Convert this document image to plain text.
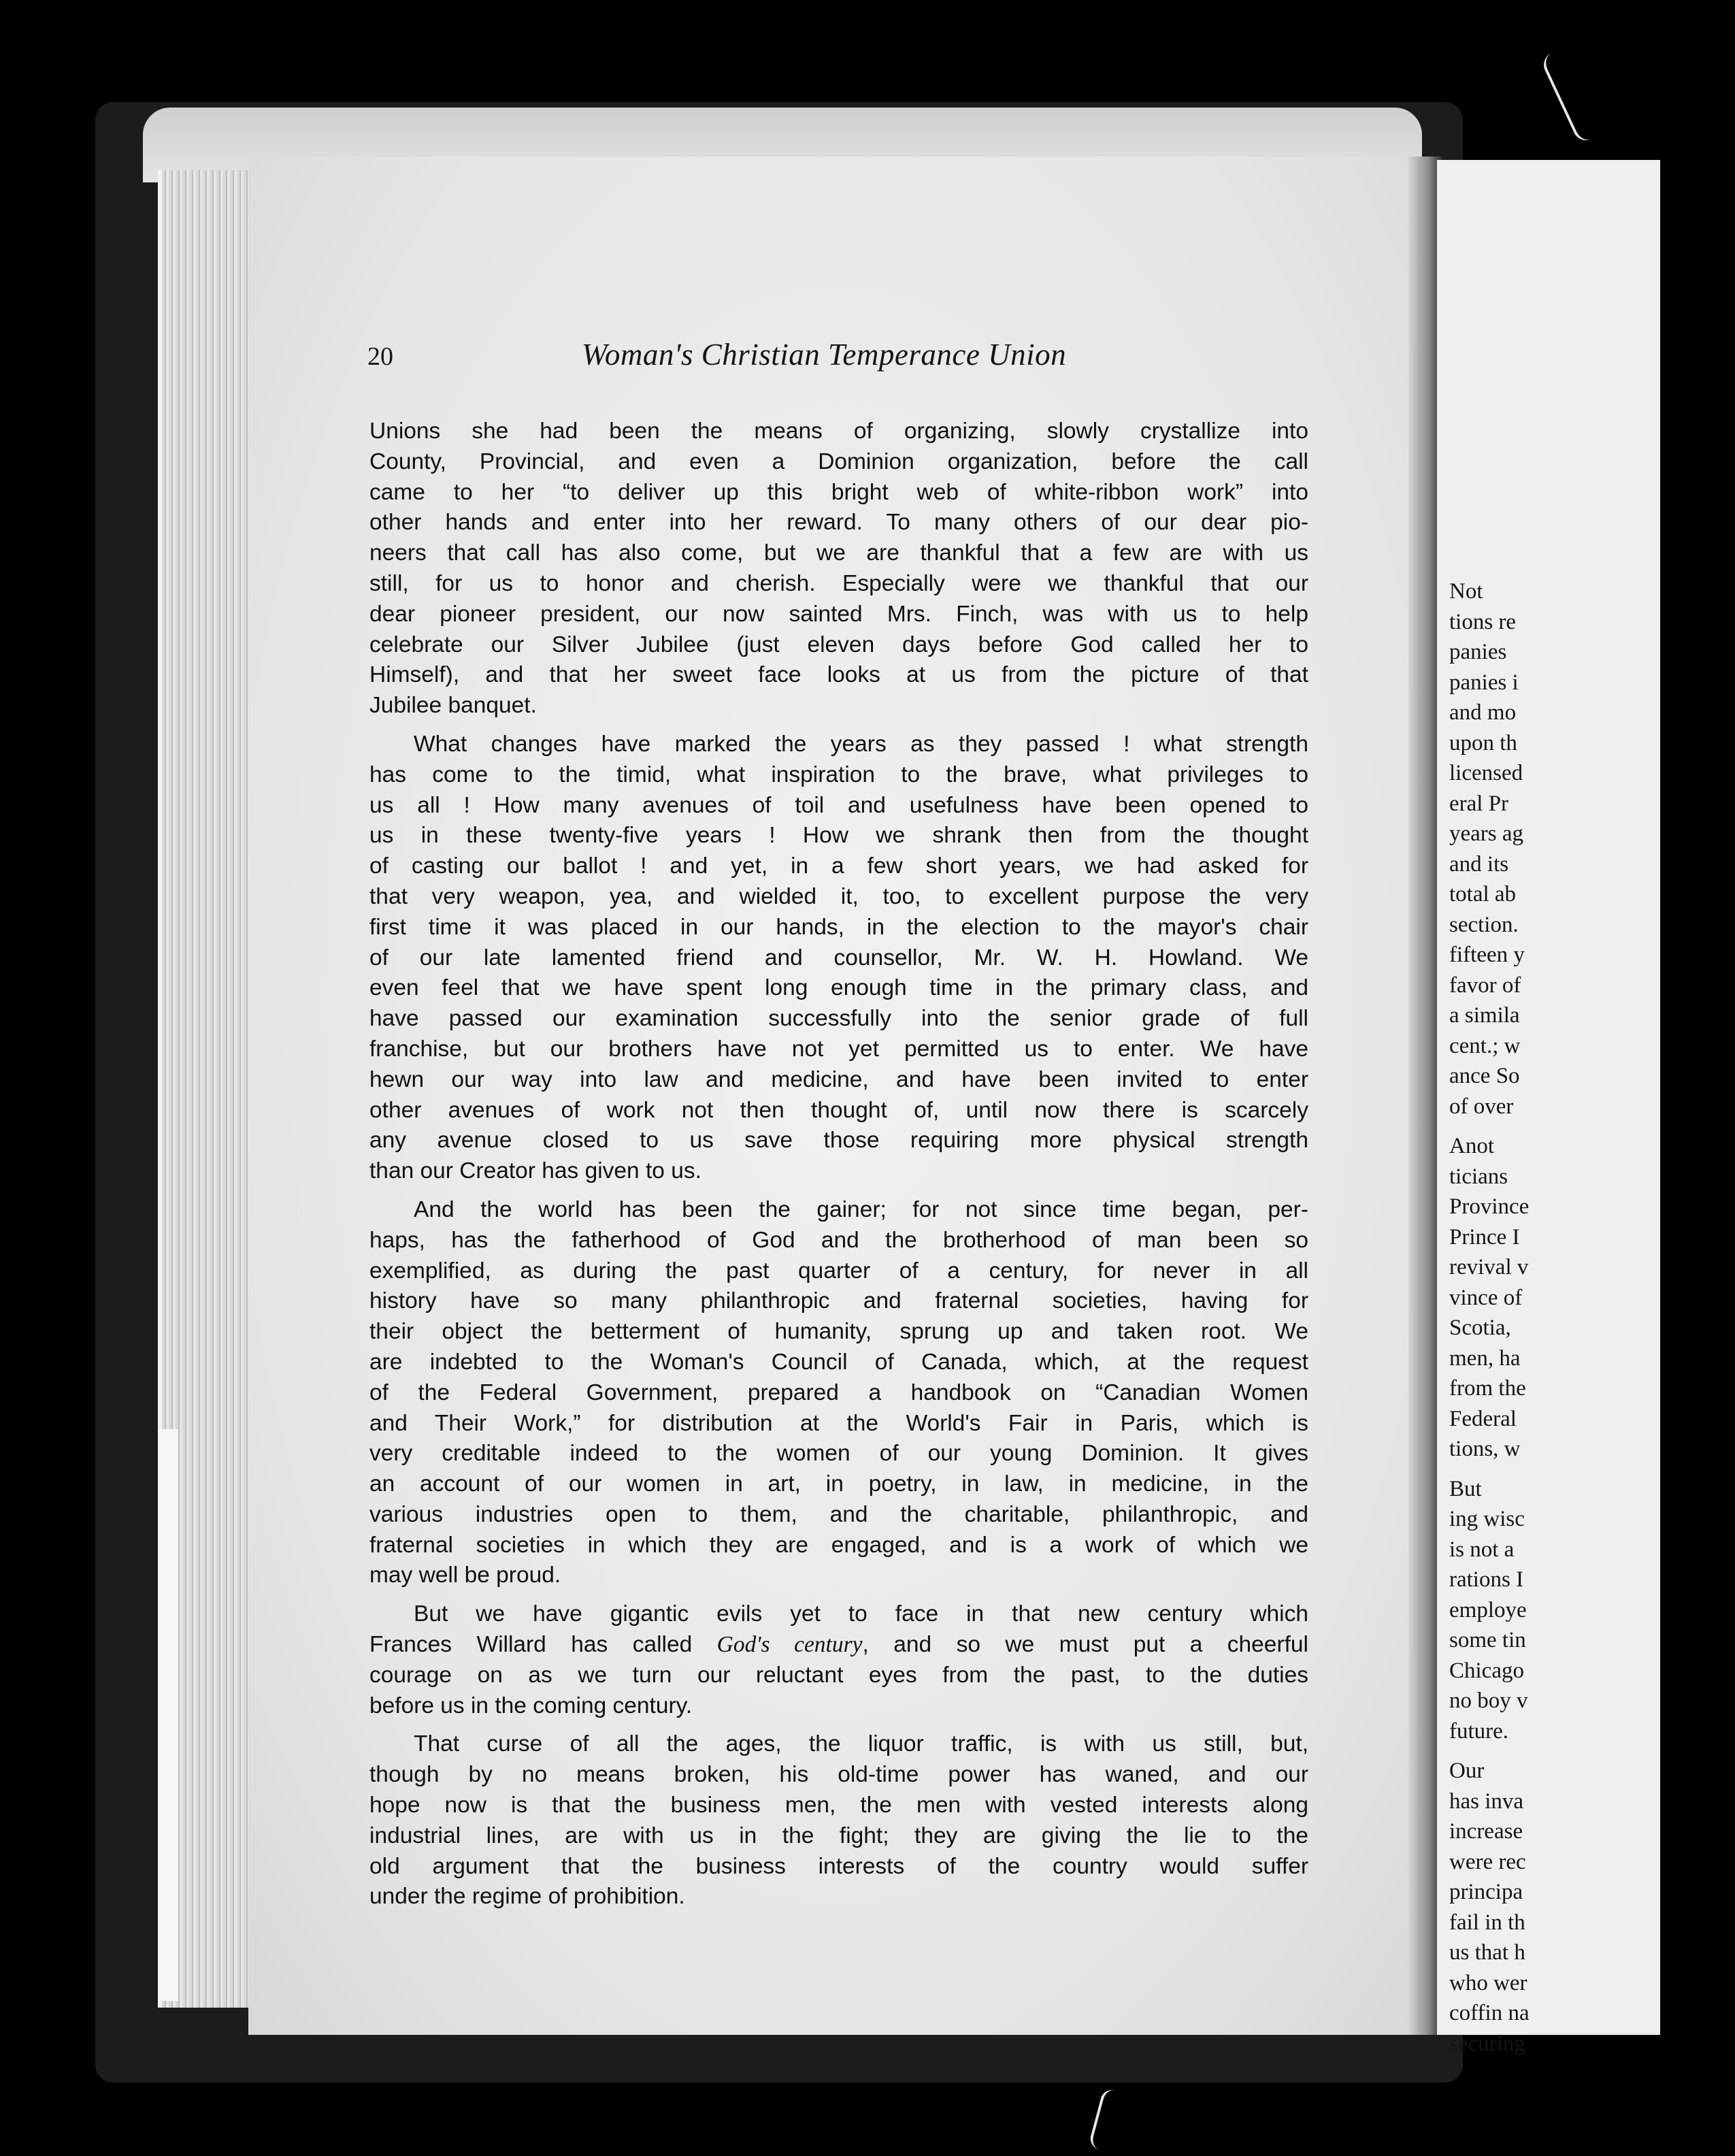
Not
tions re
panies
panies i
and mo
upon th
licensed
eral Pr
years ag
and its
total ab
section.
fifteen y
favor of
a simila
cent.; w
ance So
of over
Anot
ticians
Province
Prince I
revival v
vince of
Scotia,
men, ha
from the
Federal
tions, w
But
ing wisc
is not a
rations I
employe
some tin
Chicago
no boy v
future.
Our
has inva
increase
were rec
principa
fail in th
us that h
who wer
coffin na
securing
20	Woman's Christian Temperance Union
Unions she had been the means of organizing, slowly crystallize into
County, Provincial, and even a Dominion organization, before the call
came to her “to deliver up this bright web of white-ribbon work” into
other hands and enter into her reward. To many others of our dear pio-
neers that call has also come, but we are thankful that a few are with us
still, for us to honor and cherish. Especially were we thankful that our
dear pioneer president, our now sainted Mrs. Finch, was with us to help
celebrate our Silver Jubilee (just eleven days before God called her to
Himself), and that her sweet face looks at us from the picture of that
Jubilee banquet.
What changes have marked the years as they passed ! what strength
has come to the timid, what inspiration to the brave, what privileges to
us all ! How many avenues of toil and usefulness have been opened to
us in these twenty-five years ! How we shrank then from the thought
of casting our ballot ! and yet, in a few short years, we had asked for
that very weapon, yea, and wielded it, too, to excellent purpose the very
first time it was placed in our hands, in the election to the mayor's chair
of our late lamented friend and counsellor, Mr. W. H. Howland. We
even feel that we have spent long enough time in the primary class, and
have passed our examination successfully into the senior grade of full
franchise, but our brothers have not yet permitted us to enter. We have
hewn our way into law and medicine, and have been invited to enter
other avenues of work not then thought of, until now there is scarcely
any avenue closed to us save those requiring more physical strength
than our Creator has given to us.
And the world has been the gainer; for not since time began, per-
haps, has the fatherhood of God and the brotherhood of man been so
exemplified, as during the past quarter of a century, for never in all
history have so many philanthropic and fraternal societies, having for
their object the betterment of humanity, sprung up and taken root. We
are indebted to the Woman's Council of Canada, which, at the request
of the Federal Government, prepared a handbook on “Canadian Women
and Their Work,” for distribution at the World's Fair in Paris, which is
very creditable indeed to the women of our young Dominion. It gives
an account of our women in art, in poetry, in law, in medicine, in the
various industries open to them, and the charitable, philanthropic, and
fraternal societies in which they are engaged, and is a work of which we
may well be proud.
But we have gigantic evils yet to face in that new century which
Frances Willard has called God's century, and so we must put a cheerful
courage on as we turn our reluctant eyes from the past, to the duties
before us in the coming century.
That curse of all the ages, the liquor traffic, is with us still, but,
though by no means broken, his old-time power has waned, and our
hope now is that the business men, the men with vested interests along
industrial lines, are with us in the fight; they are giving the lie to the
old argument that the business interests of the country would suffer
under the regime of prohibition.
